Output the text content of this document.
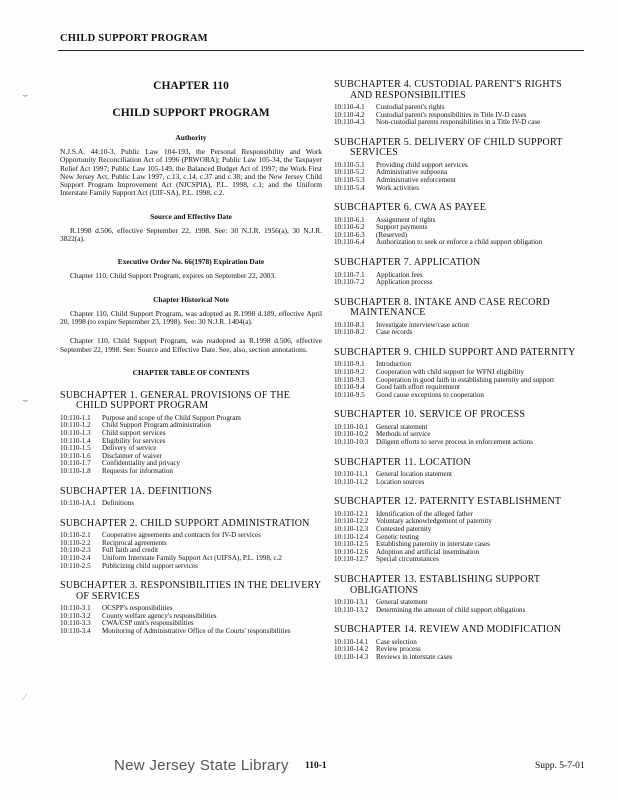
CHILD SUPPORT PROGRAM
CHAPTER 110
CHILD SUPPORT PROGRAM
Authority

N.J.S.A. 44:10-3, Public Law 104-193, the Personal Responsibility and Work Opportunity Reconciliation Act of 1996 (PRWORA); Public Law 105-34, the Taxpayer Relief Act 1997; Public Law 105-149, the Balanced Budget Act of 1997; the Work First New Jersey Act, Public Law 1997, c.13, c.14, c.37 and c.38; and the New Jersey Child Support Program Improvement Act (NJCSPIA), P.L. 1998, c.1; and the Uniform Interstate Family Support Act (UIF-SA), P.L. 1998, c.2.

Source and Effective Date

R.1998 d.506, effective September 22, 1998. See: 30 N.J.R. 1956(a), 30 N.J.R. 3822(a).

Executive Order No. 66(1978) Expiration Date

Chapter 110, Child Support Program, expires on September 22, 2003.

Chapter Historical Note

Chapter 110, Child Support Program, was adopted as R.1998 d.189, effective April 20, 1998 (to expire September 23, 1998). See: 30 N.J.R. 1404(a).

Chapter 110, Child Support Program, was readopted as R.1998 d.506, effective September 22, 1998. See: Source and Effective Date. See, also, section annotations.

CHAPTER TABLE OF CONTENTS
SUBCHAPTER 1. GENERAL PROVISIONS OF THE CHILD SUPPORT PROGRAM
10:110-1.1	Purpose and scope of the Child Support Program
10:110-1.2	Child Support Program administration
10:110-1.3	Child support services
10:110-1.4	Eligibility for services
10:110-1.5	Delivery of service
10:110-1.6	Disclaimer of waiver
10:110-1.7	Confidentiality and privacy
10:110-1.8	Requests for information
SUBCHAPTER 1A. DEFINITIONS
10:110-1A.1 Definitions
SUBCHAPTER 2. CHILD SUPPORT ADMINISTRATION
10:110-2.1	Cooperative agreements and contracts for IV-D services
10:110-2.2	Reciprocal agreements
10:110-2.3	Full faith and credit
10:110-2.4	Uniform Interstate Family Support Act (UIFSA), P.L. 1998, c.2
10:110-2.5	Publicizing child support services
SUBCHAPTER 3. RESPONSIBILITIES IN THE DELIVERY OF SERVICES
10:110-3.1	OCSPP's responsibilities
10:110-3.2	County welfare agency's responsibilities
10:110-3.3	CWA/CSP unit's responsibilities
10:110-3.4	Monitoring of Administrative Office of the Courts' responsibilities
SUBCHAPTER 4. CUSTODIAL PARENT'S RIGHTS AND RESPONSIBILITIES
10:110-4.1	Custodial parent's rights
10:110-4.2	Custodial parent's responsibilities in Title IV-D cases
10:110-4.3	Non-custodial parents responsibilities in a Title IV-D case
SUBCHAPTER 5. DELIVERY OF CHILD SUPPORT SERVICES
10:110-5.1	Providing child support services
10:110-5.2	Administrative subpoena
10:110-5.3	Administrative enforcement
10:110-5.4	Work activities
SUBCHAPTER 6. CWA AS PAYEE
10:110-6.1	Assignment of rights
10:110-6.2	Support payments
10:110-6.3	(Reserved)
10:110-6.4	Authorization to seek or enforce a child support obligation
SUBCHAPTER 7. APPLICATION
10:110-7.1	Application fees
10:110-7.2	Application process
SUBCHAPTER 8. INTAKE AND CASE RECORD MAINTENANCE
10:110-8.1	Investigate interview/case action
10:110-8.2	Case records
SUBCHAPTER 9. CHILD SUPPORT AND PATERNITY
10:110-9.1	Introduction
10:110-9.2	Cooperation with child support for WFNJ eligibility
10:110-9.3	Cooperation in good faith in establishing paternity and support
10:110-9.4	Good faith effort requirement
10:110-9.5	Good cause exceptions to cooperation
SUBCHAPTER 10. SERVICE OF PROCESS
10:110-10.1	General statement
10:110-10.2	Methods of service
10:110-10.3	Diligent efforts to serve process in enforcement actions
SUBCHAPTER 11. LOCATION
10:110-11.1	General location statement
10:110-11.2	Location sources
SUBCHAPTER 12. PATERNITY ESTABLISHMENT
10:110-12.1	Identification of the alleged father
10:110-12.2	Voluntary acknowledgement of paternity
10:110-12.3	Contested paternity
10:110-12.4	Genetic testing
10:110-12.5	Establishing paternity in interstate cases
10:110-12.6	Adoption and artificial insemination
10:110-12.7	Special circumstances
SUBCHAPTER 13. ESTABLISHING SUPPORT OBLIGATIONS
10:110-13.1	General statement
10:110-13.2	Determining the amount of child support obligations
SUBCHAPTER 14. REVIEW AND MODIFICATION
10:110-14.1	Case selection
10:110-14.2	Review process
10:110-14.3	Reviews in interstate cases
⌣
⌣
∕
New Jersey State Library 110-1	Supp. 5-7-01
